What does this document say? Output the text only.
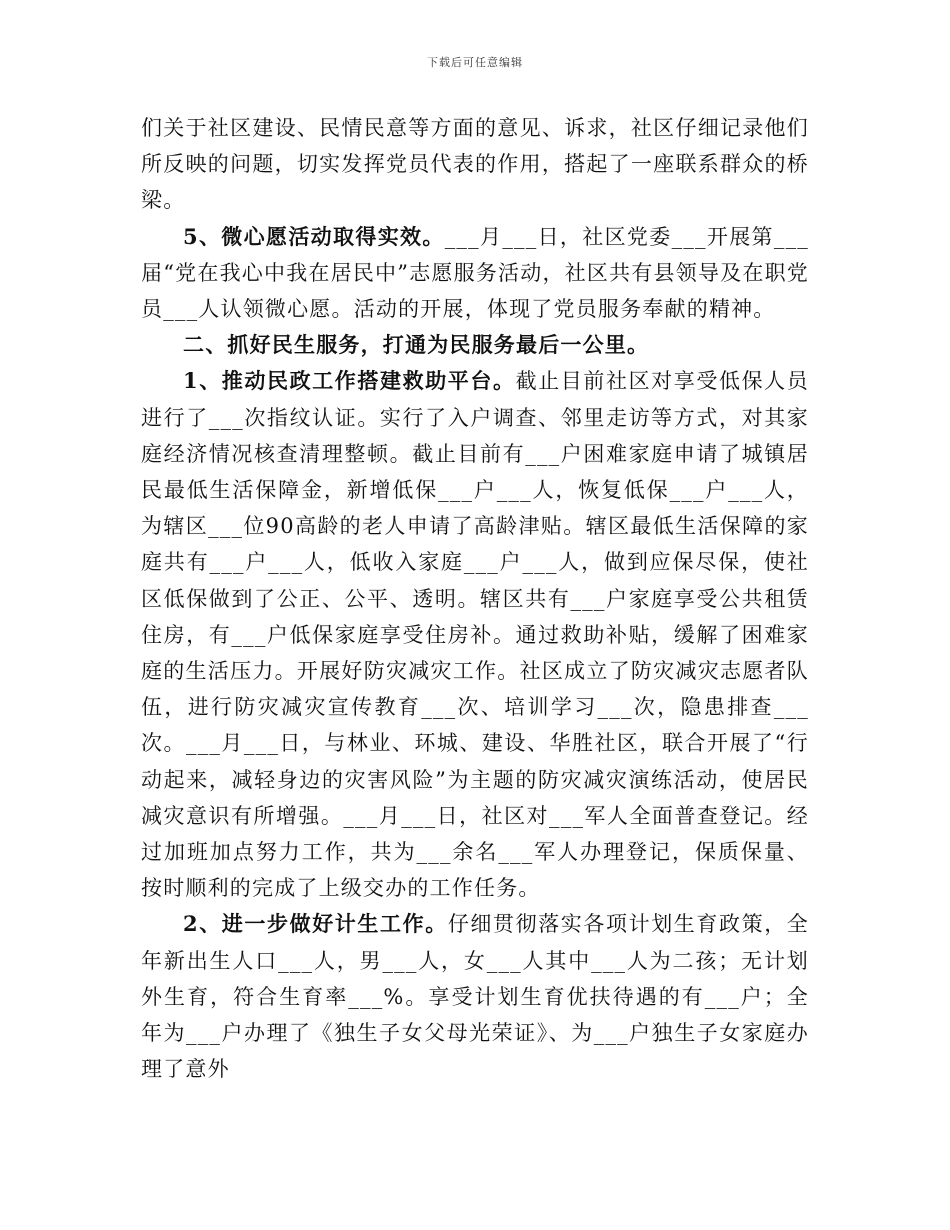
下载后可任意编辑

们关于社区建设、民情民意等方面的意见、诉求，社区仔细记录他们所反映的问题，切实发挥党员代表的作用，搭起了一座联系群众的桥梁。

5、微心愿活动取得实效。___月___日，社区党委___开展第___届“党在我心中我在居民中”志愿服务活动，社区共有县领导及在职党员___人认领微心愿。活动的开展，体现了党员服务奉献的精神。

二、抓好民生服务，打通为民服务最后一公里。

1、推动民政工作搭建救助平台。截止目前社区对享受低保人员进行了___次指纹认证。实行了入户调查、邻里走访等方式，对其家庭经济情况核查清理整顿。截止目前有___户困难家庭申请了城镇居民最低生活保障金，新增低保___户___人，恢复低保___户___人，为辖区___位90高龄的老人申请了高龄津贴。辖区最低生活保障的家庭共有___户___人，低收入家庭___户___人，做到应保尽保，使社区低保做到了公正、公平、透明。辖区共有___户家庭享受公共租赁住房，有___户低保家庭享受住房补。通过救助补贴，缓解了困难家庭的生活压力。开展好防灾减灾工作。社区成立了防灾减灾志愿者队伍，进行防灾减灾宣传教育___次、培训学习___次，隐患排查___次。___月___日，与林业、环城、建设、华胜社区，联合开展了“行动起来，减轻身边的灾害风险”为主题的防灾减灾演练活动，使居民减灾意识有所增强。___月___日，社区对___军人全面普查登记。经过加班加点努力工作，共为___余名___军人办理登记，保质保量、按时顺利的完成了上级交办的工作任务。

2、进一步做好计生工作。仔细贯彻落实各项计划生育政策，全年新出生人口___人，男___人，女___人其中___人为二孩；无计划外生育，符合生育率___%。享受计划生育优扶待遇的有___户；全年为___户办理了《独生子女父母光荣证》、为___户独生子女家庭办理了意外
